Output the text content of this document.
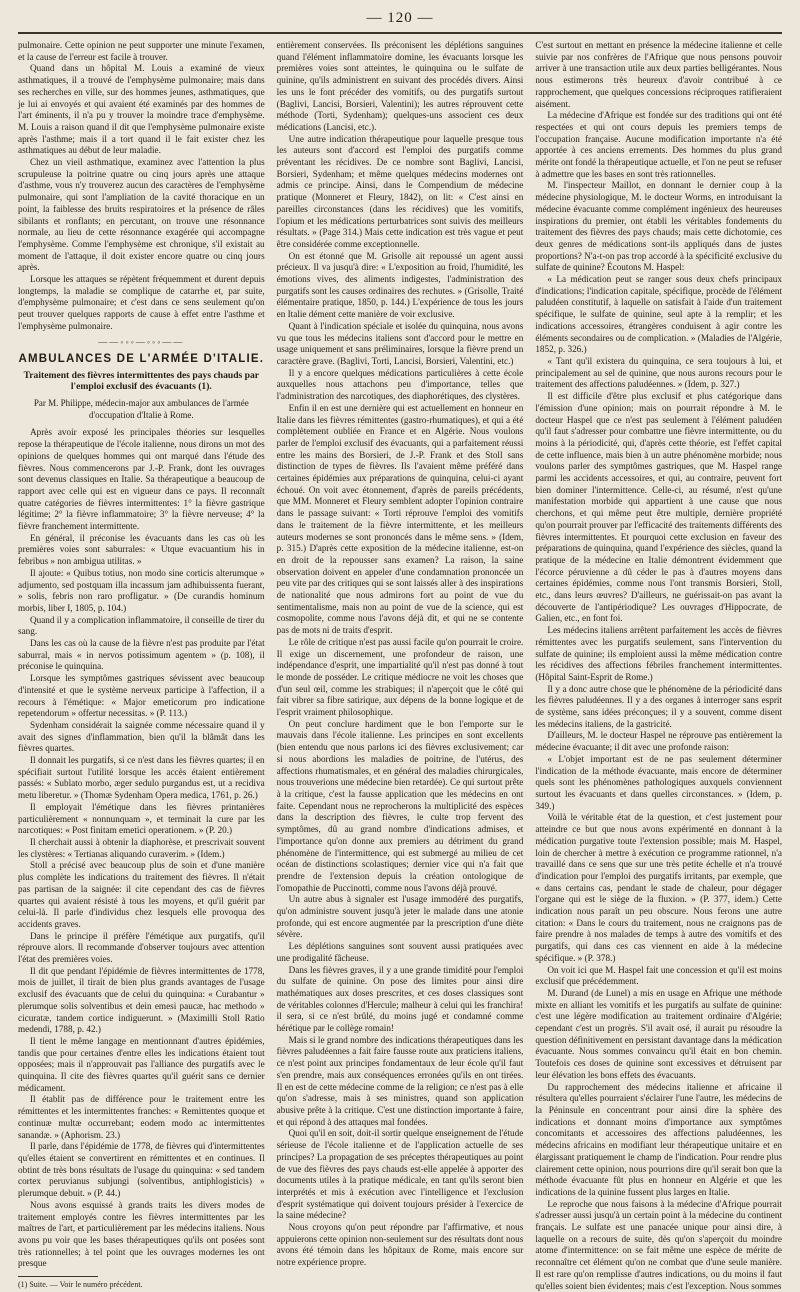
— 120 —

pulmonaire. Cette opinion ne peut supporter une minute l'examen, et la cause de l'erreur est facile à trouver.

Quand dans un hôpital M. Louis a examiné de vieux asthmatiques, il a trouvé de l'emphysème pulmonaire; mais dans ses recherches en ville, sur des hommes jeunes, asthmatiques, que je lui ai envoyés et qui avaient été examinés par des hommes de l'art éminents, il n'a pu y trouver la moindre trace d'emphysème. M. Louis a raison quand il dit que l'emphysème pulmonaire existe après l'asthme; mais il a tort quand il le fait exister chez les asthmatiques au début de leur maladie.

Chez un vieil asthmatique, examinez avec l'attention la plus scrupuleuse la poitrine quatre ou cinq jours après une attaque d'asthme, vous n'y trouverez aucun des caractères de l'emphysème pulmonaire, qui sont l'ampliation de la cavité thoracique en un point, la faiblesse des bruits respiratoires et la présence de râles sibilants et ronflants; en percutant, on trouve une résonnance normale, au lieu de cette résonnance exagérée qui accompagne l'emphysème. Comme l'emphysème est chronique, s'il existait au moment de l'attaque, il doit exister encore quatre ou cinq jours après.

Lorsque les attaques se répètent fréquemment et durent depuis longtemps, la maladie se complique de catarrhe et, par suite, d'emphysème pulmonaire; et c'est dans ce sens seulement qu'on peut trouver quelques rapports de cause à effet entre l'asthme et l'emphysème pulmonaire.

——◦◦◦—◦◦◦——
AMBULANCES DE L'ARMÉE D'ITALIE.
Traitement des fièvres intermittentes des pays chauds par l'emploi exclusif des évacuants (1).
Par M. Philippe, médecin-major aux ambulances de l'armée d'occupation d'Italie à Rome.

Après avoir exposé les principales théories sur lesquelles repose la thérapeutique de l'école italienne, nous dirons un mot des opinions de quelques hommes qui ont marqué dans l'étude des fièvres. Nous commencerons par J.-P. Frank, dont les ouvrages sont devenus classiques en Italie. Sa thérapeutique a beaucoup de rapport avec celle qui est en vigueur dans ce pays. Il reconnaît quatre catégories de fièvres intermittentes: 1° la fièvre gastrique légitime; 2° la fièvre inflammatoire; 3° la fièvre nerveuse; 4° la fièvre franchement intermittente.

En général, il préconise les évacuants dans les cas où les premières voies sont saburrales: « Utque evacuantium his in febribus » non ambigua utilitas. »

Il ajoute: « Quibus totius, non modo sine corticis alterumque » adjumento, sed postquam illa incassum jam adhibuissenta fuerant, » solis, febris non raro profligatur. » (De curandis hominum morbis, liber I, 1805, p. 104.)

Quand il y a complication inflammatoire, il conseille de tirer du sang.

Dans les cas où la cause de la fièvre n'est pas produite par l'état saburral, mais « in nervos potissimum agentem » (p. 108), il préconise le quinquina.

Lorsque les symptômes gastriques sévissent avec beaucoup d'intensité et que le système nerveux participe à l'affection, il a recours à l'émétique: « Major emeticorum pro indicatione repetendorum » offertur necessitas. » (P. 113.)

Sydenham considérait la saignée comme nécessaire quand il y avait des signes d'inflammation, bien qu'il la blâmât dans les fièvres quartes.

Il donnait les purgatifs, si ce n'est dans les fièvres quartes; il en spécifiait surtout l'utilité lorsque les accès étaient entièrement passés: « Sublato morbo, æger sedulo purgandus est, ut a recidiva metu liberetur. » (Thomæ Sydenham Opera medica, 1761, p. 26.)

Il employait l'émétique dans les fièvres printanières particulièrement « nonnunquam », et terminait la cure par les narcotiques: « Post finitam emetici operationem. » (P. 20.)

Il cherchait aussi à obtenir la diaphorèse, et prescrivait souvent les clystères: « Tertianas aliquando curaverim. » (Idem.)

Stoll a précisé avec beaucoup plus de soin et d'une manière plus complète les indications du traitement des fièvres. Il n'était pas partisan de la saignée: il cite cependant des cas de fièvres quartes qui avaient résisté à tous les moyens, et qu'il guérit par celui-là. Il parle d'individus chez lesquels elle provoqua des accidents graves.

Dans le principe il préfère l'émétique aux purgatifs, qu'il réprouve alors. Il recommande d'observer toujours avec attention l'état des premières voies.

Il dit que pendant l'épidémie de fièvres intermittentes de 1778, mois de juillet, il tirait de bien plus grands avantages de l'usage exclusif des évacuants que de celui du quinquina: « Curabantur » plerumque solis solventibus et dein emesi paucæ, hac methodo » cicuratæ, tandem cortice indiguerunt. » (Maximilli Stoll Ratio medendi, 1788, p. 42.)

Il tient le même langage en mentionnant d'autres épidémies, tandis que pour certaines d'entre elles les indications étaient tout opposées; mais il n'approuvait pas l'alliance des purgatifs avec le quinquina. Il cite des fièvres quartes qu'il guérit sans ce dernier médicament.

Il établit pas de différence pour le traitement entre les rémittentes et les intermittentes franches: « Remittentes quoque et continuæ multæ occurrebant; eodem modo ac intermittentes sanandæ. » (Aphorism. 23.)

Il parle, dans l'épidémie de 1778, de fièvres qui d'intermittentes qu'elles étaient se convertirent en rémittentes et en continues. Il obtint de très bons résultats de l'usage du quinquina: « sed tandem cortex peruvianus subjungi (solventibus, antiphlogisticis) » plerumque debuit. » (P. 44.)

Nous avons esquissé à grands traits les divers modes de traitement employés contre les fièvres intermittentes par les maîtres de l'art, et particulièrement par les médecins italiens. Nous avons pu voir que les bases thérapeutiques qu'ils ont posées sont très rationnelles; à tel point que les ouvrages modernes les ont presque

(1) Suite. — Voir le numéro précédent.

entièrement conservées. Ils préconisent les déplétions sanguines quand l'élément inflammatoire domine, les évacuants lorsque les premières voies sont atteintes, le quinquina ou le sulfate de quinine, qu'ils administrent en suivant des procédés divers. Ainsi les uns le font précéder des vomitifs, ou des purgatifs surtout (Baglivi, Lancisi, Borsieri, Valentini); les autres réprouvent cette méthode (Torti, Sydenham); quelques-uns associent ces deux médications (Lancisi, etc.).

Une autre indication thérapeutique pour laquelle presque tous les auteurs sont d'accord est l'emploi des purgatifs comme préventant les récidives. De ce nombre sont Baglivi, Lancisi, Borsieri, Sydenham; et même quelques médecins modernes ont admis ce principe. Ainsi, dans le Compendium de médecine pratique (Monneret et Fleury, 1842), on lit: « C'est ainsi en pareilles circonstances (dans les récidives) que les vomitifs, l'opium et les médications perturbatrices sont suivis des meilleurs résultats. » (Page 314.) Mais cette indication est très vague et peut être considérée comme exceptionnelle.

On est étonné que M. Grisolle ait repoussé un agent aussi précieux. Il va jusqu'à dire: « L'exposition au froid, l'humidité, les émotions vives, des aliments indigestes, l'administration des purgatifs sont les causes ordinaires des rechutes. » (Grisolle, Traité élémentaire pratique, 1850, p. 144.) L'expérience de tous les jours en Italie dément cette manière de voir exclusive.

Quant à l'indication spéciale et isolée du quinquina, nous avons vu que tous les médecins italiens sont d'accord pour le mettre en usage uniquement et sans préliminaires, lorsque la fièvre prend un caractère grave. (Baglivi, Torti, Lancisi, Borsieri, Valentini, etc.)

Il y a encore quelques médications particulières à cette école auxquelles nous attachons peu d'importance, telles que l'administration des narcotiques, des diaphorétiques, des clystères.

Enfin il en est une dernière qui est actuellement en honneur en Italie dans les fièvres rémittentes (gastro-rhumatiques), et qui a été complètement oubliée en France et en Algérie. Nous voulons parler de l'emploi exclusif des évacuants, qui a parfaitement réussi entre les mains des Borsieri, de J.-P. Frank et des Stoll sans distinction de types de fièvres. Ils l'avaient même préféré dans certaines épidémies aux préparations de quinquina, celui-ci ayant échoué. On voit avec étonnement, d'après de pareils précédents, que MM. Monneret et Fleury semblent adopter l'opinion contraire dans le passage suivant: « Torti réprouve l'emploi des vomitifs dans le traitement de la fièvre intermittente, et les meilleurs auteurs modernes se sont prononcés dans le même sens. » (Idem, p. 315.) D'après cette exposition de la médecine italienne, est-on en droit de la repousser sans examen? La raison, la saine observation doivent en appeler d'une condamnation prononcée un peu vite par des critiques qui se sont laissés aller à des inspirations de nationalité que nous admirons fort au point de vue du sentimentalisme, mais non au point de vue de la science, qui est cosmopolite, comme nous l'avons déjà dit, et qui ne se contente pas de mots ni de traits d'esprit.

Le rôle de critique n'est pas aussi facile qu'on pourrait le croire. Il exige un discernement, une profondeur de raison, une indépendance d'esprit, une impartialité qu'il n'est pas donné à tout le monde de posséder. Le critique médiocre ne voit les choses que d'un seul œil, comme les strabiques; il n'aperçoit que le côté qui fait vibrer sa fibre satirique, aux dépens de la bonne logique et de l'esprit vraiment philosophique.

On peut conclure hardiment que le bon l'emporte sur le mauvais dans l'école italienne. Les principes en sont excellents (bien entendu que nous parlons ici des fièvres exclusivement; car si nous abordions les maladies de poitrine, de l'utérus, des affections rhumatismales, et en général des maladies chirurgicales, nous trouverions une médecine bien retardée). Ce qui surtout prête à la critique, c'est la fausse application que les médecins en ont faite. Cependant nous ne reprocherons la multiplicité des espèces dans la description des fièvres, le culte trop fervent des symptômes, dû au grand nombre d'indications admises, et l'importance qu'on donne aux premiers au détriment du grand phénomène de l'intermittence, qui est submergé au milieu de cet océan de distinctions scolastiques; dernier vice qui n'a fait que prendre de l'extension depuis la création ontologique de l'omopathie de Puccinotti, comme nous l'avons déjà prouvé.

Un autre abus à signaler est l'usage immodéré des purgatifs, qu'on administre souvent jusqu'à jeter le malade dans une atonie profonde, qui est encore augmentée par la prescription d'une diète sévère.

Les déplétions sanguines sont souvent aussi pratiquées avec une prodigalité fâcheuse.

Dans les fièvres graves, il y a une grande timidité pour l'emploi du sulfate de quinine. On pose des limites pour ainsi dire mathématiques aux doses prescrites, et ces doses classiques sont de véritables colonnes d'Hercule; malheur à celui qui les franchira! il sera, si ce n'est brûlé, du moins jugé et condamné comme hérétique par le collège romain!

Mais si le grand nombre des indications thérapeutiques dans les fièvres paludéennes a fait faire fausse route aux praticiens italiens, ce n'est point aux principes fondamentaux de leur école qu'il faut s'en prendre, mais aux conséquences erronées qu'ils en ont tirées. Il en est de cette médecine comme de la religion; ce n'est pas à elle qu'on s'adresse, mais à ses ministres, quand son application abusive prête à la critique. C'est une distinction importante à faire, et qui répond à des attaques mal fondées.

Quoi qu'il en soit, doit-il sortir quelque enseignement de l'étude sérieuse de l'école italienne et de l'application actuelle de ses principes? La propagation de ses préceptes thérapeutiques au point de vue des fièvres des pays chauds est-elle appelée à apporter des documents utiles à la pratique médicale, en tant qu'ils seront bien interprétés et mis à exécution avec l'intelligence et l'exclusion d'esprit systématique qui doivent toujours présider à l'exercice de la saine médecine?

Nous croyons qu'on peut répondre par l'affirmative, et nous appuierons cette opinion non-seulement sur des résultats dont nous avons été témoin dans les hôpitaux de Rome, mais encore sur notre expérience propre.

C'est surtout en mettant en présence la médecine italienne et celle suivie par nos confrères de l'Afrique que nous pensons pouvoir arriver à une transaction utile aux deux parties belligérantes. Nous nous estimerons très heureux d'avoir contribué à ce rapprochement, que quelques concessions réciproques ratifieraient aisément.

La médecine d'Afrique est fondée sur des traditions qui ont été respectées et qui ont cours depuis les premiers temps de l'occupation française. Aucune modification importante n'a été apportée à ces anciens errements. Des hommes du plus grand mérite ont fondé la thérapeutique actuelle, et l'on ne peut se refuser à admettre que les bases en sont très rationnelles.

M. l'inspecteur Maillot, en donnant le dernier coup à la médecine physiologique, M. le docteur Worms, en introduisant la médecine évacuante comme complément ingénieux des heureuses inspirations du premier, ont établi les véritables fondements du traitement des fièvres des pays chauds; mais cette dichotomie, ces deux genres de médications sont-ils appliqués dans de justes proportions? N'a-t-on pas trop accordé à la spécificité exclusive du sulfate de quinine? Écoutons M. Haspel:

« La médication peut se ranger sous deux chefs principaux d'indications; l'indication capitale, spécifique, procède de l'élément paludéen constitutif, à laquelle on satisfait à l'aide d'un traitement spécifique, le sulfate de quinine, seul apte à la remplir; et les indications accessoires, étrangères conduisent à agir contre les éléments secondaires ou de complication. » (Maladies de l'Algérie, 1852, p. 326.)

« Tant qu'il existera du quinquina, ce sera toujours à lui, et principalement au sel de quinine, que nous aurons recours pour le traitement des affections paludéennes. » (Idem, p. 327.)

Il est difficile d'être plus exclusif et plus catégorique dans l'émission d'une opinion; mais on pourrait répondre à M. le docteur Haspel que ce n'est pas seulement à l'élément paludéen qu'il faut s'adresser pour combattre une fièvre intermittente, ou du moins à la périodicité, qui, d'après cette théorie, est l'effet capital de cette influence, mais bien à un autre phénomène morbide; nous voulons parler des symptômes gastriques, que M. Haspel range parmi les accidents accessoires, et qui, au contraire, peuvent fort bien dominer l'intermittence. Celle-ci, au résumé, n'est qu'une manifestation morbide qui appartient à une cause que nous cherchons, et qui même peut être multiple, dernière propriété qu'on pourrait prouver par l'efficacité des traitements différents des fièvres intermittentes. Et pourquoi cette exclusion en faveur des préparations de quinquina, quand l'expérience des siècles, quand la pratique de la médecine en Italie démontrent évidemment que l'écorce péruvienne a dû céder le pas à d'autres moyens dans certaines épidémies, comme nous l'ont transmis Borsieri, Stoll, etc., dans leurs œuvres? D'ailleurs, ne guérissait-on pas avant la découverte de l'antipériodique? Les ouvrages d'Hippocrate, de Galien, etc., en font foi.

Les médecins italiens arrêtent parfaitement les accès de fièvres rémittentes avec les purgatifs seulement, sans l'intervention du sulfate de quinine; ils emploient aussi la même médication contre les récidives des affections fébriles franchement intermittentes. (Hôpital Saint-Esprit de Rome.)

Il y a donc autre chose que le phénomène de la périodicité dans les fièvres paludéennes. Il y a des organes à interroger sans esprit de système, sans idées préconçues; il y a souvent, comme disent les médecins italiens, de la gastricité.

D'ailleurs, M. le docteur Haspel ne réprouve pas entièrement la médecine évacuante; il dit avec une profonde raison:

« L'objet important est de ne pas seulement déterminer l'indication de la méthode évacuante, mais encore de déterminer quels sont les phénomènes pathologiques auxquels conviennent surtout les évacuants et dans quelles circonstances. » (Idem, p. 349.)

Voilà le véritable état de la question, et c'est justement pour atteindre ce but que nous avons expérimenté en donnant à la médication purgative toute l'extension possible; mais M. Haspel, loin de chercher à mettre à exécution ce programme rationnel, n'a travaillé dans ce sens que sur une très petite échelle et n'a trouvé d'indication pour l'emploi des purgatifs irritants, par exemple, que « dans certains cas, pendant le stade de chaleur, pour dégager l'organe qui est le siège de la fluxion. » (P. 377, idem.) Cette indication nous paraît un peu obscure. Nous ferons une autre citation: « Dans le cours du traitement, nous ne craignons pas de faire prendre à nos malades de temps à autre des vomitifs et des purgatifs, qui dans ces cas viennent en aide à la médecine spécifique. » (P. 378.)

On voit ici que M. Haspel fait une concession et qu'il est moins exclusif que précédemment.

M. Durand (de Lunel) a mis en usage en Afrique une méthode mixte en alliant les vomitifs et les purgatifs au sulfate de quinine: c'est une légère modification au traitement ordinaire d'Algérie; cependant c'est un progrès. S'il avait osé, il aurait pu résoudre la question définitivement en persistant davantage dans la médication évacuante. Nous sommes convaincu qu'il était en bon chemin. Toutefois ces doses de quinine sont excessives et détruisent par leur élévation les bons effets des évacuants.

Du rapprochement des médecins italienne et africaine il résultera qu'elles pourraient s'éclairer l'une l'autre, les médecins de la Péninsule en concentrant pour ainsi dire la sphère des indications et donnant moins d'importance aux symptômes concomitants et accessoires des affections paludéennes, les médecins africains en modifiant leur thérapeutique unitaire et en élargissant pratiquement le champ de l'indication. Pour rendre plus clairement cette opinion, nous pourrions dire qu'il serait bon que la méthode évacuante fût plus en honneur en Algérie et que les indications de la quinine fussent plus larges en Italie.

Le reproche que nous faisons à la médecine d'Afrique pourrait s'adresser aussi jusqu'à un certain point à la médecine du continent français. Le sulfate est une panacée unique pour ainsi dire, à laquelle on a recours de suite, dès qu'on s'aperçoit du moindre atome d'intermittence: on se fait même une espèce de mérite de reconnaître cet élément qu'on ne combat que d'une seule manière. Il est rare qu'on remplisse d'autres indications, ou du moins il faut qu'elles soient bien évidentes; mais c'est l'exception. Nous sommes
